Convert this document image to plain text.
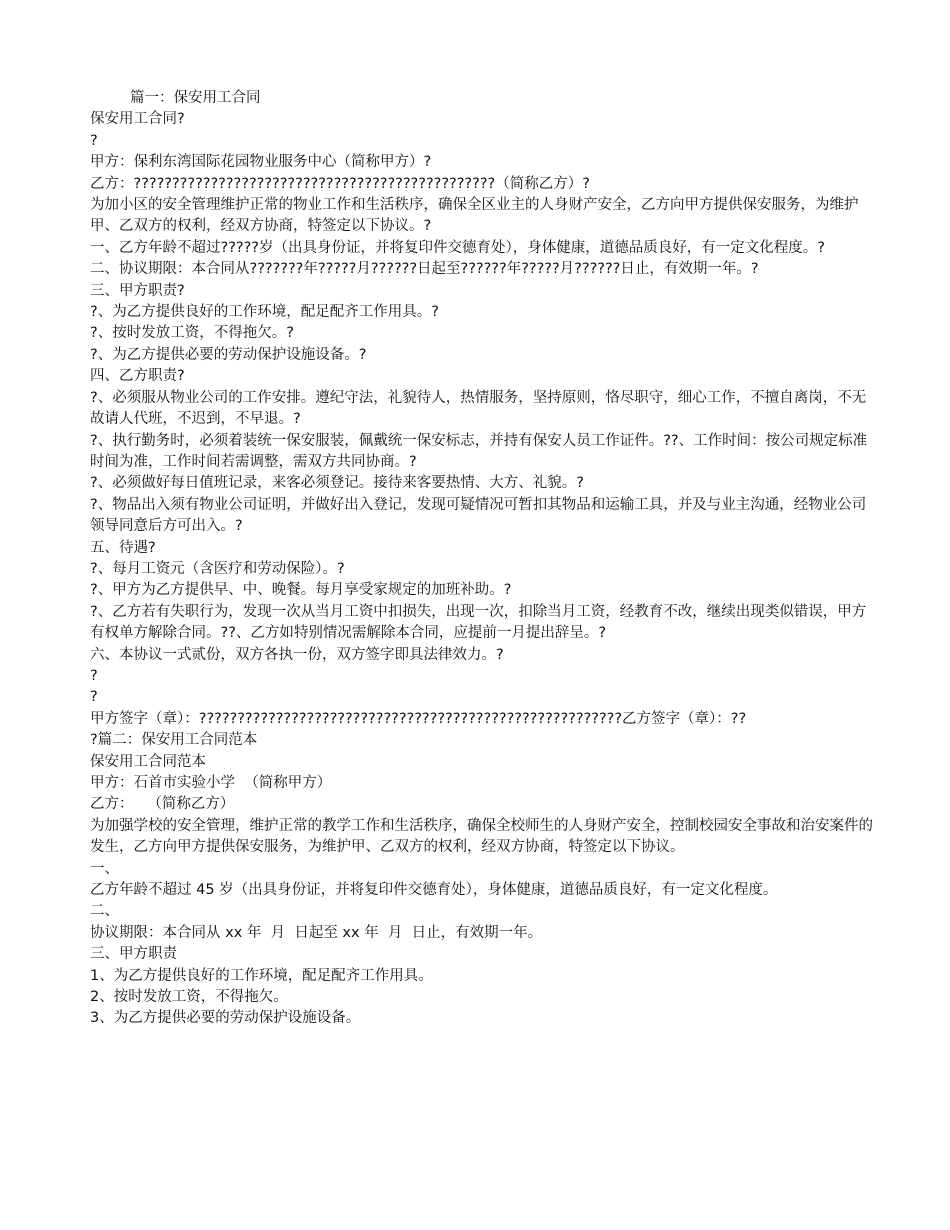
篇一：保安用工合同
保安用工合同?
?
甲方：保利东湾国际花园物业服务中心（简称甲方）?
乙方：???????????????????????????????????????????????（简称乙方）?
为加小区的安全管理维护正常的物业工作和生活秩序，确保全区业主的人身财产安全，乙方向甲方提供保安服务，为维护甲、乙双方的权利，经双方协商，特签定以下协议。?
一、乙方年龄不超过?????岁（出具身份证，并将复印件交德育处），身体健康，道德品质良好，有一定文化程度。?
二、协议期限：本合同从???????年?????月??????日起至??????年?????月??????日止，有效期一年。?
三、甲方职责?
?、为乙方提供良好的工作环境，配足配齐工作用具。?
?、按时发放工资，不得拖欠。?
?、为乙方提供必要的劳动保护设施设备。?
四、乙方职责?
?、必须服从物业公司的工作安排。遵纪守法，礼貌待人，热情服务，坚持原则，恪尽职守，细心工作，不擅自离岗，不无故请人代班，不迟到，不早退。?
?、执行勤务时，必须着装统一保安服装，佩戴统一保安标志，并持有保安人员工作证件。??、工作时间：按公司规定标准时间为准，工作时间若需调整，需双方共同协商。?
?、必须做好每日值班记录，来客必须登记。接待来客要热情、大方、礼貌。?
?、物品出入须有物业公司证明，并做好出入登记，发现可疑情况可暂扣其物品和运输工具，并及与业主沟通，经物业公司领导同意后方可出入。?
五、待遇?
?、每月工资元（含医疗和劳动保险）。?
?、甲方为乙方提供早、中、晚餐。每月享受家规定的加班补助。?
?、乙方若有失职行为，发现一次从当月工资中扣损失，出现一次，扣除当月工资，经教育不改，继续出现类似错误，甲方有权单方解除合同。??、乙方如特别情况需解除本合同，应提前一月提出辞呈。?
六、本协议一式贰份，双方各执一份，双方签字即具法律效力。?
?
?
甲方签字（章）：???????????????????????????????????????????????????????乙方签字（章）：??
?篇二：保安用工合同范本
保安用工合同范本
甲方：石首市实验小学  （简称甲方）
乙方：   （简称乙方）
为加强学校的安全管理，维护正常的教学工作和生活秩序，确保全校师生的人身财产安全，控制校园安全事故和治安案件的发生，乙方向甲方提供保安服务，为维护甲、乙双方的权利，经双方协商，特签定以下协议。
一、
乙方年龄不超过 45 岁（出具身份证，并将复印件交德育处），身体健康，道德品质良好，有一定文化程度。
二、
协议期限：本合同从 xx 年  月  日起至 xx 年  月  日止，有效期一年。
三、甲方职责
1、为乙方提供良好的工作环境，配足配齐工作用具。
2、按时发放工资，不得拖欠。
3、为乙方提供必要的劳动保护设施设备。
